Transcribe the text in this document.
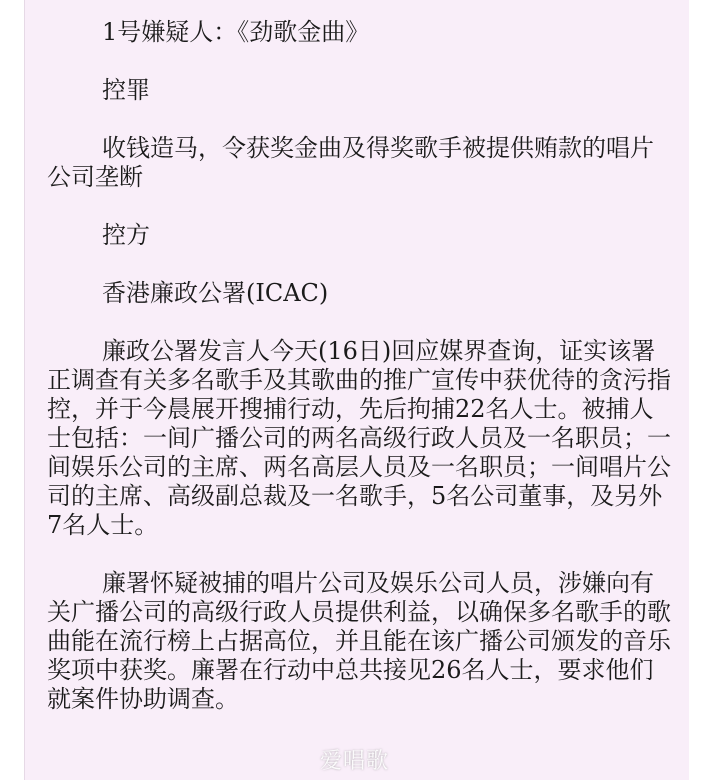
1号嫌疑人：《劲歌金曲》

控罪

收钱造马，令获奖金曲及得奖歌手被提供贿款的唱片公司垄断

控方

香港廉政公署(ICAC)

廉政公署发言人今天(16日)回应媒界查询，证实该署正调查有关多名歌手及其歌曲的推广宣传中获优待的贪污指控，并于今晨展开搜捕行动，先后拘捕22名人士。被捕人士包括：一间广播公司的两名高级行政人员及一名职员；一间娱乐公司的主席、两名高层人员及一名职员；一间唱片公司的主席、高级副总裁及一名歌手，5名公司董事，及另外7名人士。

廉署怀疑被捕的唱片公司及娱乐公司人员，涉嫌向有关广播公司的高级行政人员提供利益，以确保多名歌手的歌曲能在流行榜上占据高位，并且能在该广播公司颁发的音乐奖项中获奖。廉署在行动中总共接见26名人士，要求他们就案件协助调查。

爱唱歌
